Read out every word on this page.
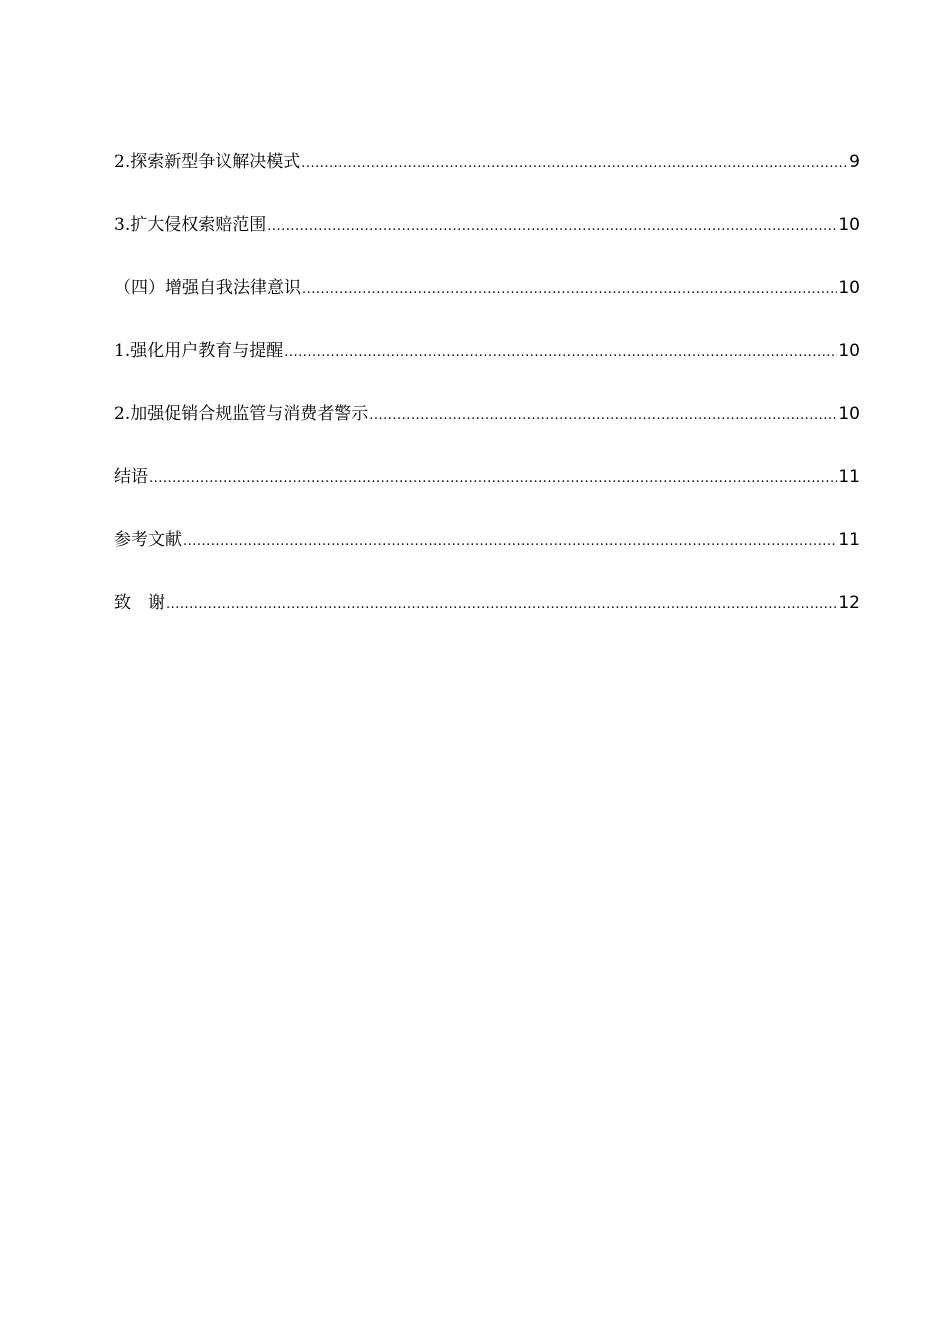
2.探索新型争议解决模式 .....	9
3.扩大侵权索赔范围 .....	10
（四）增强自我法律意识 .....	10
1.强化用户教育与提醒 .....	10
2.加强促销合规监管与消费者警示 .....	10
结语 .....	11
参考文献 .....	11
致　谢 .....	12
